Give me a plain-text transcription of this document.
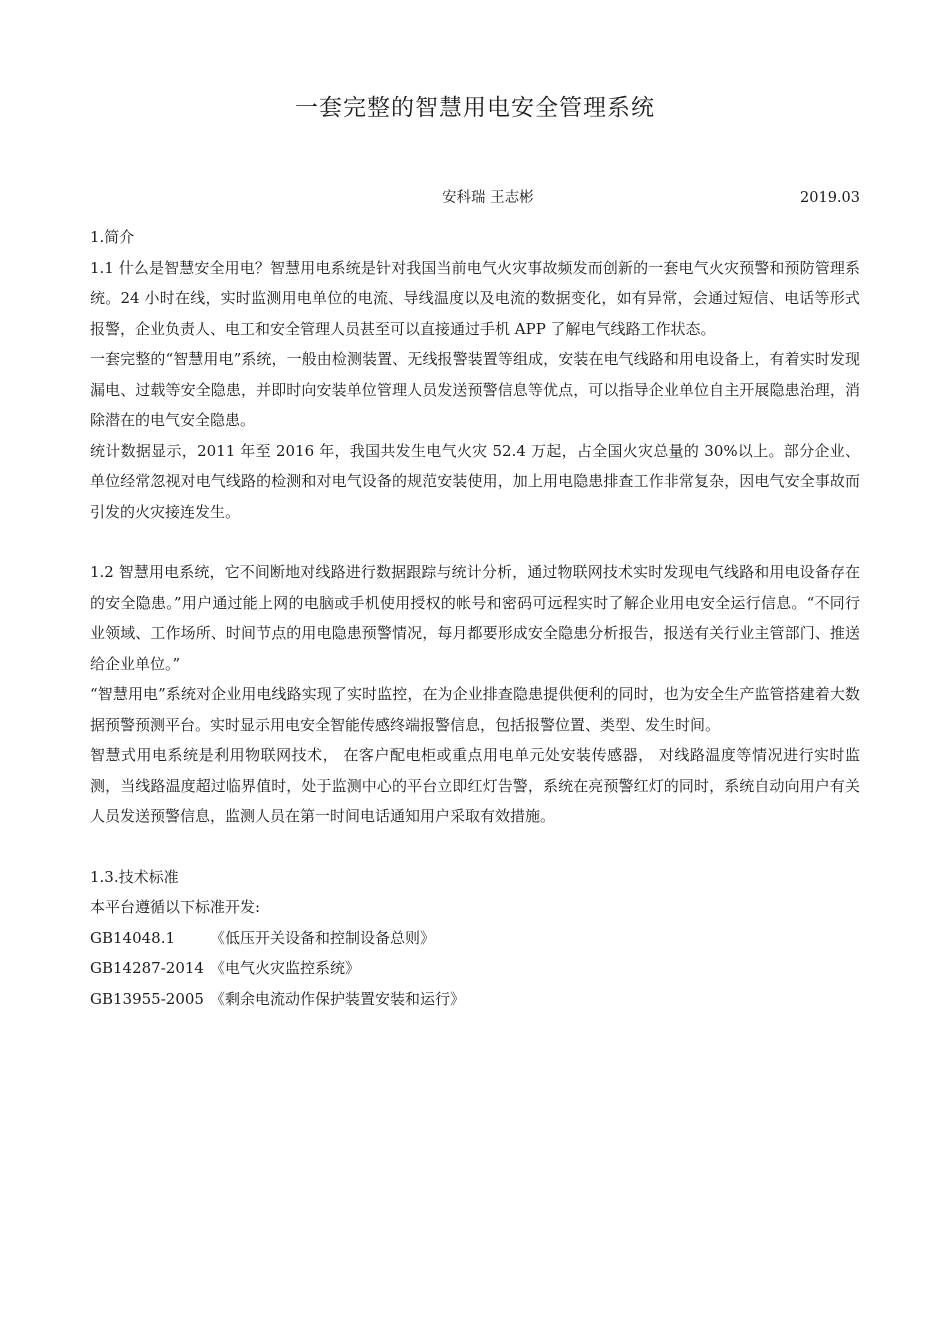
一套完整的智慧用电安全管理系统
安科瑞 王志彬	2019.03

1.简介

1.1 什么是智慧安全用电？智慧用电系统是针对我国当前电气火灾事故频发而创新的一套电气火灾预警和预防管理系统。24 小时在线，实时监测用电单位的电流、导线温度以及电流的数据变化，如有异常，会通过短信、电话等形式报警，企业负责人、电工和安全管理人员甚至可以直接通过手机 APP 了解电气线路工作状态。

一套完整的“智慧用电”系统，一般由检测装置、无线报警装置等组成，安装在电气线路和用电设备上，有着实时发现漏电、过载等安全隐患，并即时向安装单位管理人员发送预警信息等优点，可以指导企业单位自主开展隐患治理，消除潜在的电气安全隐患。

统计数据显示，2011 年至 2016 年，我国共发生电气火灾 52.4 万起，占全国火灾总量的 30%以上。部分企业、单位经常忽视对电气线路的检测和对电气设备的规范安装使用，加上用电隐患排查工作非常复杂，因电气安全事故而引发的火灾接连发生。

1.2 智慧用电系统，它不间断地对线路进行数据跟踪与统计分析，通过物联网技术实时发现电气线路和用电设备存在的安全隐患。”用户通过能上网的电脑或手机使用授权的帐号和密码可远程实时了解企业用电安全运行信息。“不同行业领域、工作场所、时间节点的用电隐患预警情况，每月都要形成安全隐患分析报告，报送有关行业主管部门、推送给企业单位。”

“智慧用电”系统对企业用电线路实现了实时监控，在为企业排查隐患提供便利的同时，也为安全生产监管搭建着大数据预警预测平台。实时显示用电安全智能传感终端报警信息，包括报警位置、类型、发生时间。

智慧式用电系统是利用物联网技术， 在客户配电柜或重点用电单元处安装传感器， 对线路温度等情况进行实时监测，当线路温度超过临界值时，处于监测中心的平台立即红灯告警，系统在亮预警红灯的同时，系统自动向用户有关人员发送预警信息，监测人员在第一时间电话通知用户采取有效措施。

1.3.技术标准

本平台遵循以下标准开发:

GB14048.1	《低压开关设备和控制设备总则》
GB14287-2014 《电气火灾监控系统》
GB13955-2005 《剩余电流动作保护装置安装和运行》
